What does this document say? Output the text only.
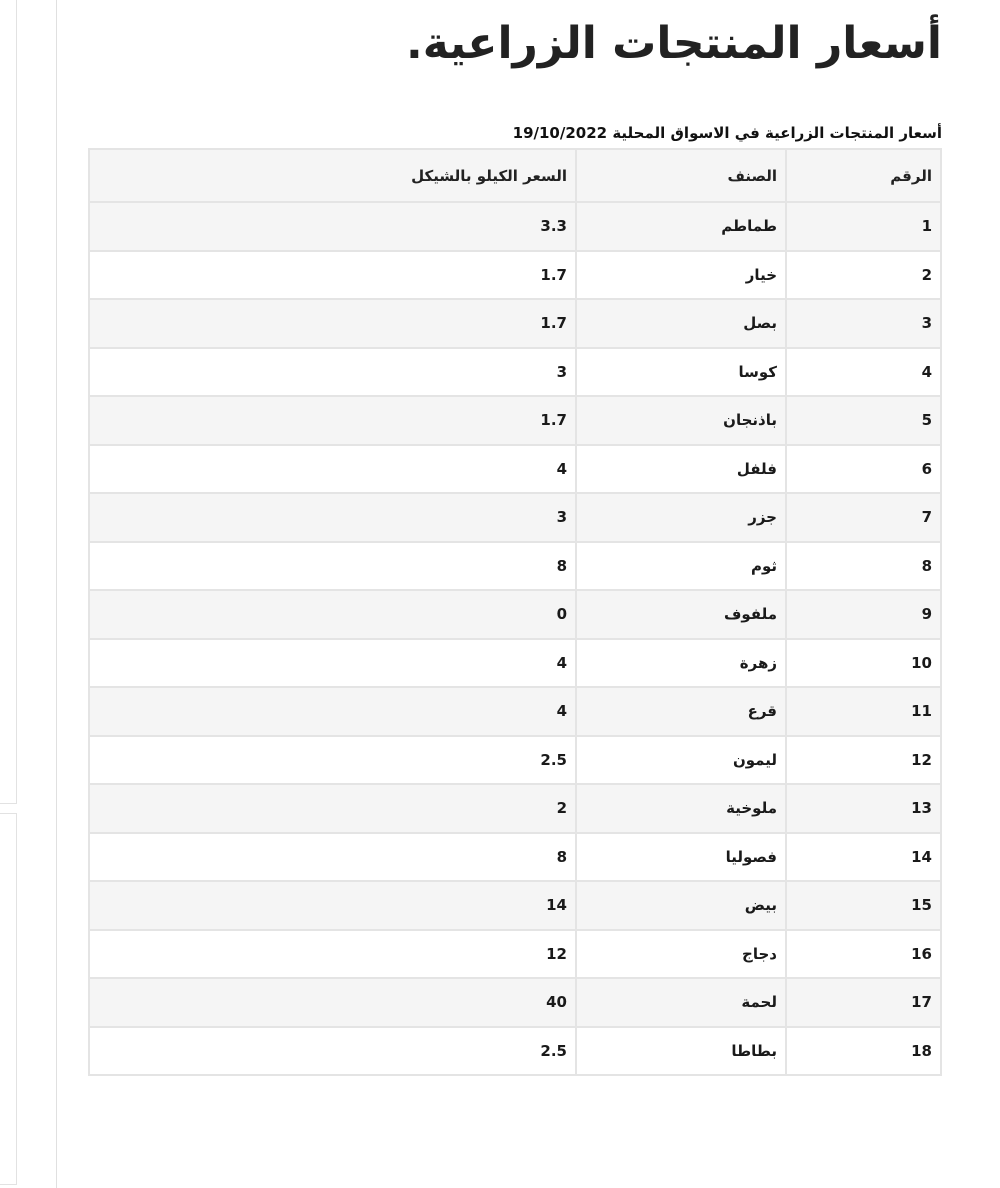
أسعار المنتجات الزراعية.
أسعار المنتجات الزراعية في الاسواق المحلية 19/10/2022
الرقم	الصنف	السعر الكيلو بالشيكل
1	طماطم	3.3
2	خيار	1.7
3	بصل	1.7
4	كوسا	3
5	باذنجان	1.7
6	فلفل	4
7	جزر	3
8	ثوم	8
9	ملفوف	0
10	زهرة	4
11	قرع	4
12	ليمون	2.5
13	ملوخية	2
14	فصوليا	8
15	بيض	14
16	دجاج	12
17	لحمة	40
18	بطاطا	2.5
